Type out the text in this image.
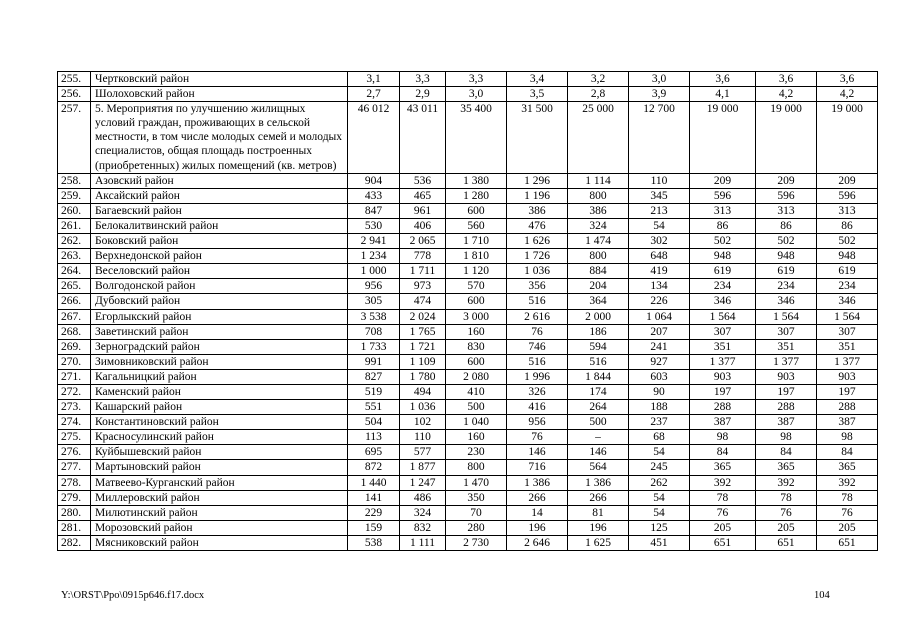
255.	Чертковский район	3,1	3,3	3,3	3,4	3,2	3,0	3,6	3,6	3,6
256.	Шолоховский район	2,7	2,9	3,0	3,5	2,8	3,9	4,1	4,2	4,2
257.	5. Мероприятия по улучшению жилищных условий граждан, проживающих в сельской местности, в том числе молодых семей и молодых специалистов, общая площадь построенных (приобретенных) жилых помещений (кв. метров)	46 012	43 011	35 400	31 500	25 000	12 700	19 000	19 000	19 000
258.	Азовский район	904	536	1 380	1 296	1 114	110	209	209	209
259.	Аксайский район	433	465	1 280	1 196	800	345	596	596	596
260.	Багаевский район	847	961	600	386	386	213	313	313	313
261.	Белокалитвинский район	530	406	560	476	324	54	86	86	86
262.	Боковский район	2 941	2 065	1 710	1 626	1 474	302	502	502	502
263.	Верхнедонской район	1 234	778	1 810	1 726	800	648	948	948	948
264.	Веселовский район	1 000	1 711	1 120	1 036	884	419	619	619	619
265.	Волгодонской район	956	973	570	356	204	134	234	234	234
266.	Дубовский район	305	474	600	516	364	226	346	346	346
267.	Егорлыкский район	3 538	2 024	3 000	2 616	2 000	1 064	1 564	1 564	1 564
268.	Заветинский район	708	1 765	160	76	186	207	307	307	307
269.	Зерноградский район	1 733	1 721	830	746	594	241	351	351	351
270.	Зимовниковский район	991	1 109	600	516	516	927	1 377	1 377	1 377
271.	Кагальницкий район	827	1 780	2 080	1 996	1 844	603	903	903	903
272.	Каменский район	519	494	410	326	174	90	197	197	197
273.	Кашарский район	551	1 036	500	416	264	188	288	288	288
274.	Константиновский район	504	102	1 040	956	500	237	387	387	387
275.	Красносулинский район	113	110	160	76	–	68	98	98	98
276.	Куйбышевский район	695	577	230	146	146	54	84	84	84
277.	Мартыновский район	872	1 877	800	716	564	245	365	365	365
278.	Матвеево-Курганский район	1 440	1 247	1 470	1 386	1 386	262	392	392	392
279.	Миллеровский район	141	486	350	266	266	54	78	78	78
280.	Милютинский район	229	324	70	14	81	54	76	76	76
281.	Морозовский район	159	832	280	196	196	125	205	205	205
282.	Мясниковский район	538	1 111	2 730	2 646	1 625	451	651	651	651
Y:\ORST\Ppo\0915p646.f17.docx	104
